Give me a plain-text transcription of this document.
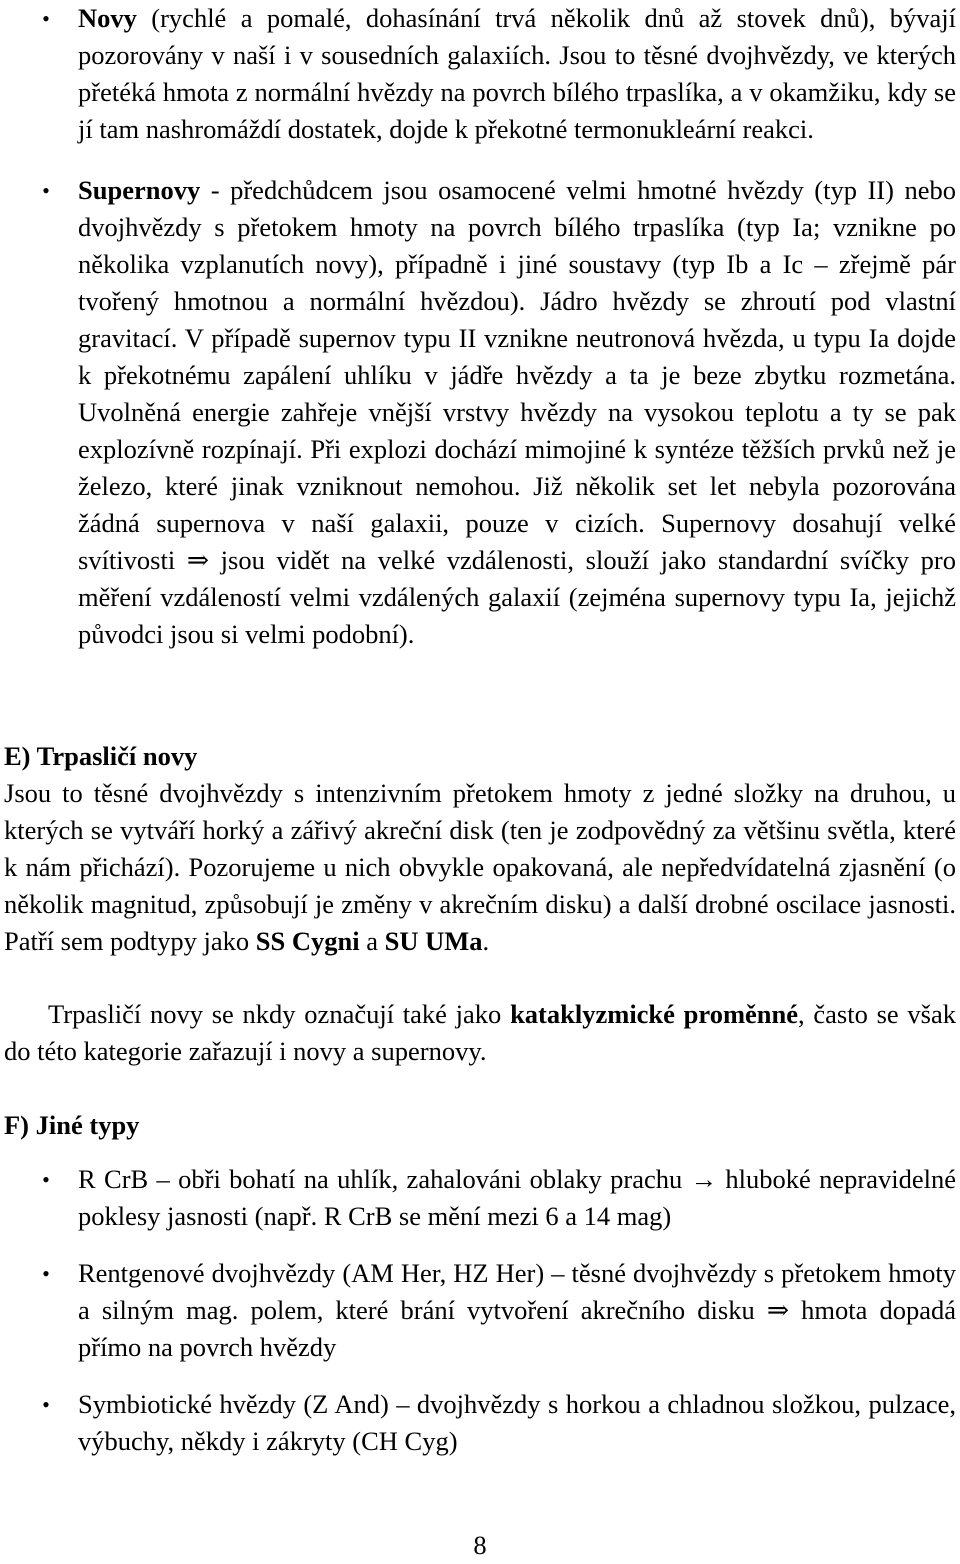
•	Novy (rychlé a pomalé, dohasínání trvá několik dnů až stovek dnů), bývají pozorovány v naší i v sousedních galaxiích. Jsou to těsné dvojhvězdy, ve kterých přetéká hmota z normální hvězdy na povrch bílého trpaslíka, a v okamžiku, kdy se jí tam nashromáždí dostatek, dojde k překotné termonukleární reakci.
•	Supernovy - předchůdcem jsou osamocené velmi hmotné hvězdy (typ II) nebo dvojhvězdy s přetokem hmoty na povrch bílého trpaslíka (typ Ia; vznikne po několika vzplanutích novy), případně i jiné soustavy (typ Ib a Ic – zřejmě pár tvořený hmotnou a normální hvězdou). Jádro hvězdy se zhroutí pod vlastní gravitací. V případě supernov typu II vznikne neutronová hvězda, u typu Ia dojde k překotnému zapálení uhlíku v jádře hvězdy a ta je beze zbytku rozmetána. Uvolněná energie zahřeje vnější vrstvy hvězdy na vysokou teplotu a ty se pak explozívně rozpínají. Při explozi dochází mimojiné k syntéze těžších prvků než je železo, které jinak vzniknout nemohou. Již několik set let nebyla pozorována žádná supernova v naší galaxii, pouze v cizích. Supernovy dosahují velké svítivosti ⇒ jsou vidět na velké vzdálenosti, slouží jako standardní svíčky pro měření vzdáleností velmi vzdálených galaxií (zejména supernovy typu Ia, jejichž původci jsou si velmi podobní).
E) Trpasličí novy
Jsou to těsné dvojhvězdy s intenzivním přetokem hmoty z jedné složky na druhou, u kterých se vytváří horký a zářivý akreční disk (ten je zodpovědný za většinu světla, které k nám přichází). Pozorujeme u nich obvykle opakovaná, ale nepředvídatelná zjasnění (o několik magnitud, způsobují je změny v akrečním disku) a další drobné oscilace jasnosti. Patří sem podtypy jako SS Cygni a SU UMa.
Trpasličí novy se nkdy označují také jako kataklyzmické proměnné, často se však do této kategorie zařazují i novy a supernovy.
F) Jiné typy
•	R CrB – obři bohatí na uhlík, zahalováni oblaky prachu → hluboké nepravidelné poklesy jasnosti (např. R CrB se mění mezi 6 a 14 mag)
•	Rentgenové dvojhvězdy (AM Her, HZ Her) – těsné dvojhvězdy s přetokem hmoty a silným mag. polem, které brání vytvoření akrečního disku ⇒ hmota dopadá přímo na povrch hvězdy
•	Symbiotické hvězdy (Z And) – dvojhvězdy s horkou a chladnou složkou, pulzace, výbuchy, někdy i zákryty (CH Cyg)
8
